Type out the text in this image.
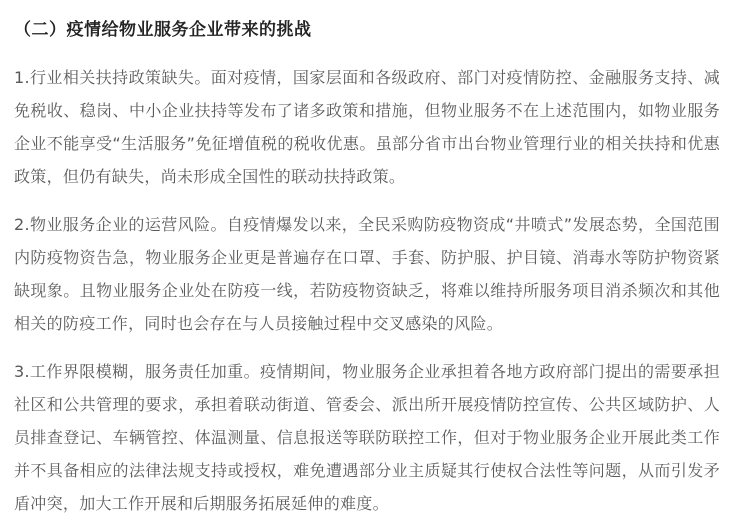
（二）疫情给物业服务企业带来的挑战

1.行业相关扶持政策缺失。面对疫情，国家层面和各级政府、部门对疫情防控、金融服务支持、减免税收、稳岗、中小企业扶持等发布了诸多政策和措施，但物业服务不在上述范围内，如物业服务企业不能享受“生活服务”免征增值税的税收优惠。虽部分省市出台物业管理行业的相关扶持和优惠政策，但仍有缺失，尚未形成全国性的联动扶持政策。

2.物业服务企业的运营风险。自疫情爆发以来，全民采购防疫物资成“井喷式”发展态势，全国范围内防疫物资告急，物业服务企业更是普遍存在口罩、手套、防护服、护目镜、消毒水等防护物资紧缺现象。且物业服务企业处在防疫一线，若防疫物资缺乏，将难以维持所服务项目消杀频次和其他相关的防疫工作，同时也会存在与人员接触过程中交叉感染的风险。

3.工作界限模糊，服务责任加重。疫情期间，物业服务企业承担着各地方政府部门提出的需要承担社区和公共管理的要求，承担着联动街道、管委会、派出所开展疫情防控宣传、公共区域防护、人员排查登记、车辆管控、体温测量、信息报送等联防联控工作，但对于物业服务企业开展此类工作并不具备相应的法律法规支持或授权，难免遭遇部分业主质疑其行使权合法性等问题，从而引发矛盾冲突，加大工作开展和后期服务拓展延伸的难度。
